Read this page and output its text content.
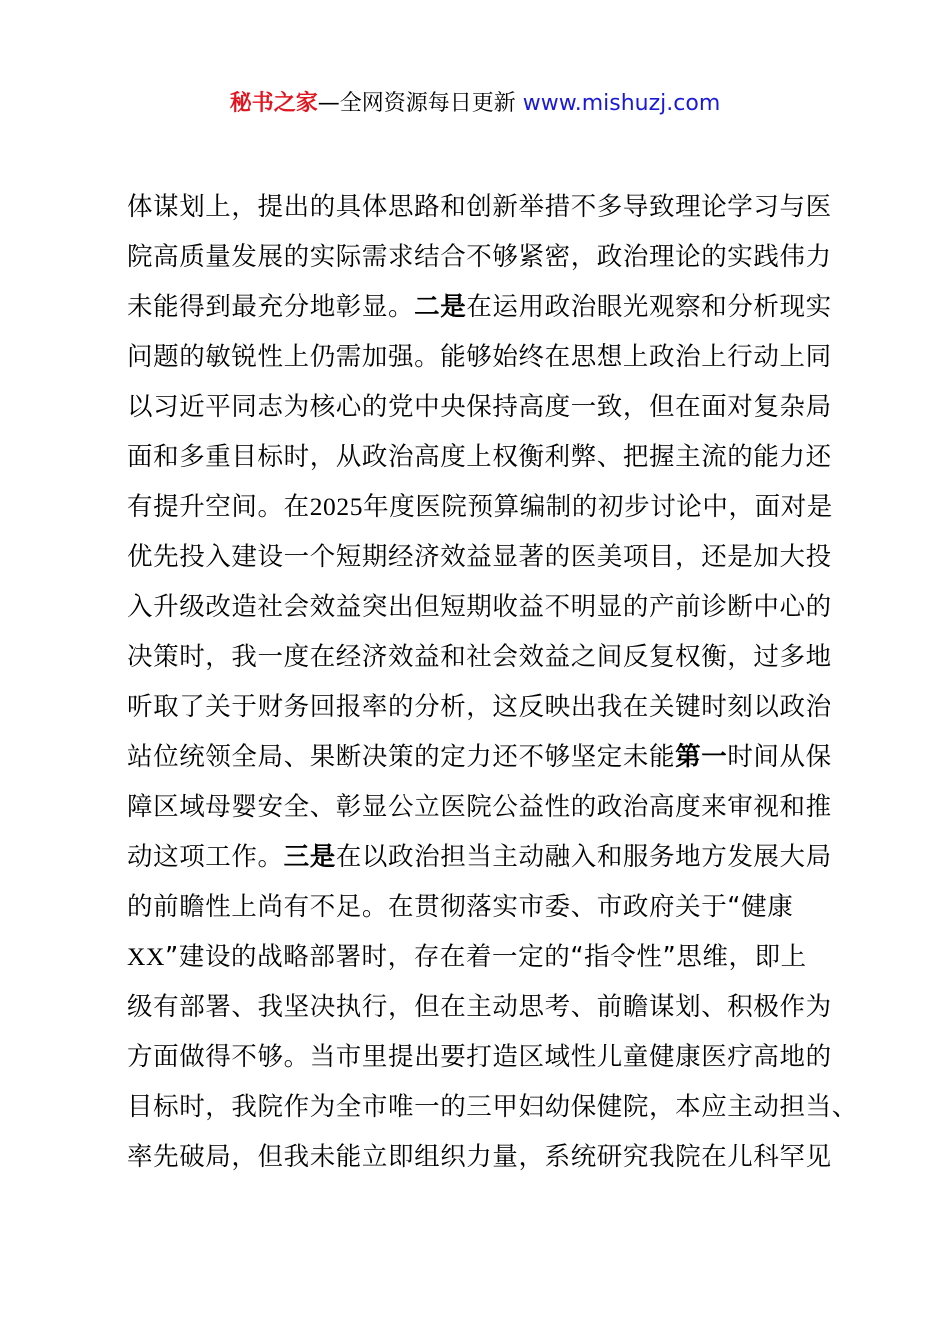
秘书之家—全网资源每日更新 www.mishuzj.com
体谋划上，提出的具体思路和创新举措不多导致理论学习与医
院高质量发展的实际需求结合不够紧密，政治理论的实践伟力
未能得到最充分地彰显。二是在运用政治眼光观察和分析现实
问题的敏锐性上仍需加强。能够始终在思想上政治上行动上同
以习近平同志为核心的党中央保持高度一致，但在面对复杂局
面和多重目标时，从政治高度上权衡利弊、把握主流的能力还
有提升空间。在2025年度医院预算编制的初步讨论中，面对是
优先投入建设一个短期经济效益显著的医美项目，还是加大投
入升级改造社会效益突出但短期收益不明显的产前诊断中心的
决策时，我一度在经济效益和社会效益之间反复权衡，过多地
听取了关于财务回报率的分析，这反映出我在关键时刻以政治
站位统领全局、果断决策的定力还不够坚定未能第一时间从保
障区域母婴安全、彰显公立医院公益性的政治高度来审视和推
动这项工作。三是在以政治担当主动融入和服务地方发展大局
的前瞻性上尚有不足。在贯彻落实市委、市政府关于“健康
XX”建设的战略部署时，存在着一定的“指令性”思维，即上
级有部署、我坚决执行，但在主动思考、前瞻谋划、积极作为
方面做得不够。当市里提出要打造区域性儿童健康医疗高地的
目标时，我院作为全市唯一的三甲妇幼保健院，本应主动担当、
率先破局，但我未能立即组织力量，系统研究我院在儿科罕见
